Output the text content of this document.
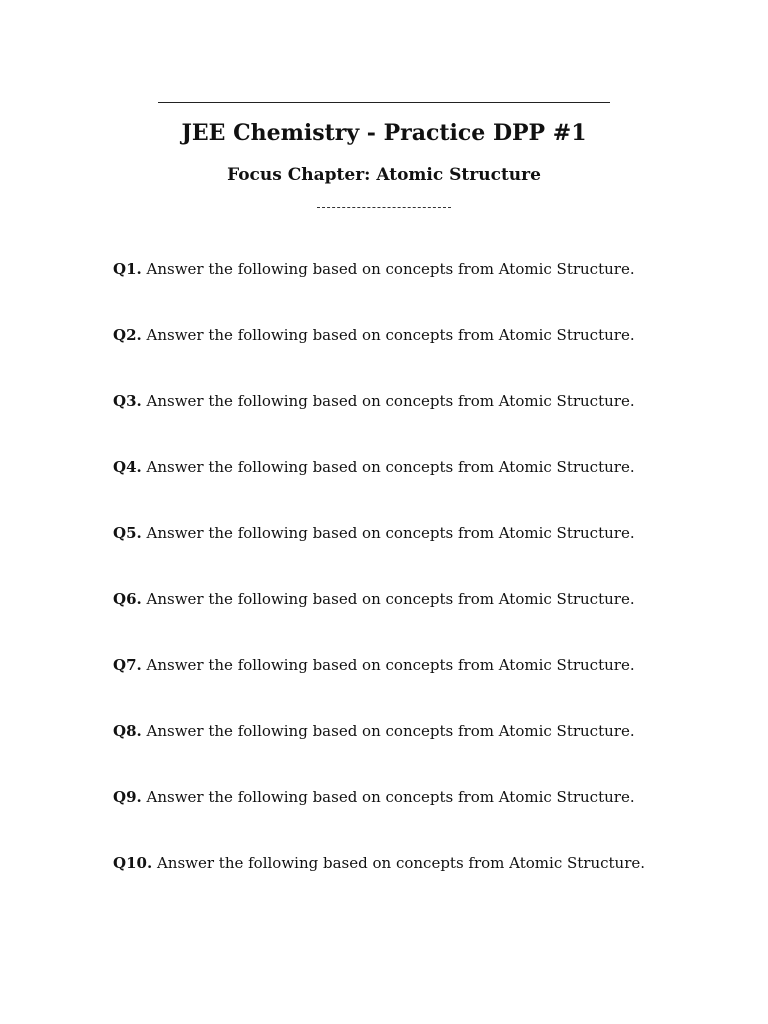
JEE Chemistry - Practice DPP #1
Focus Chapter: Atomic Structure
Q1. Answer the following based on concepts from Atomic Structure.
Q2. Answer the following based on concepts from Atomic Structure.
Q3. Answer the following based on concepts from Atomic Structure.
Q4. Answer the following based on concepts from Atomic Structure.
Q5. Answer the following based on concepts from Atomic Structure.
Q6. Answer the following based on concepts from Atomic Structure.
Q7. Answer the following based on concepts from Atomic Structure.
Q8. Answer the following based on concepts from Atomic Structure.
Q9. Answer the following based on concepts from Atomic Structure.
Q10. Answer the following based on concepts from Atomic Structure.
